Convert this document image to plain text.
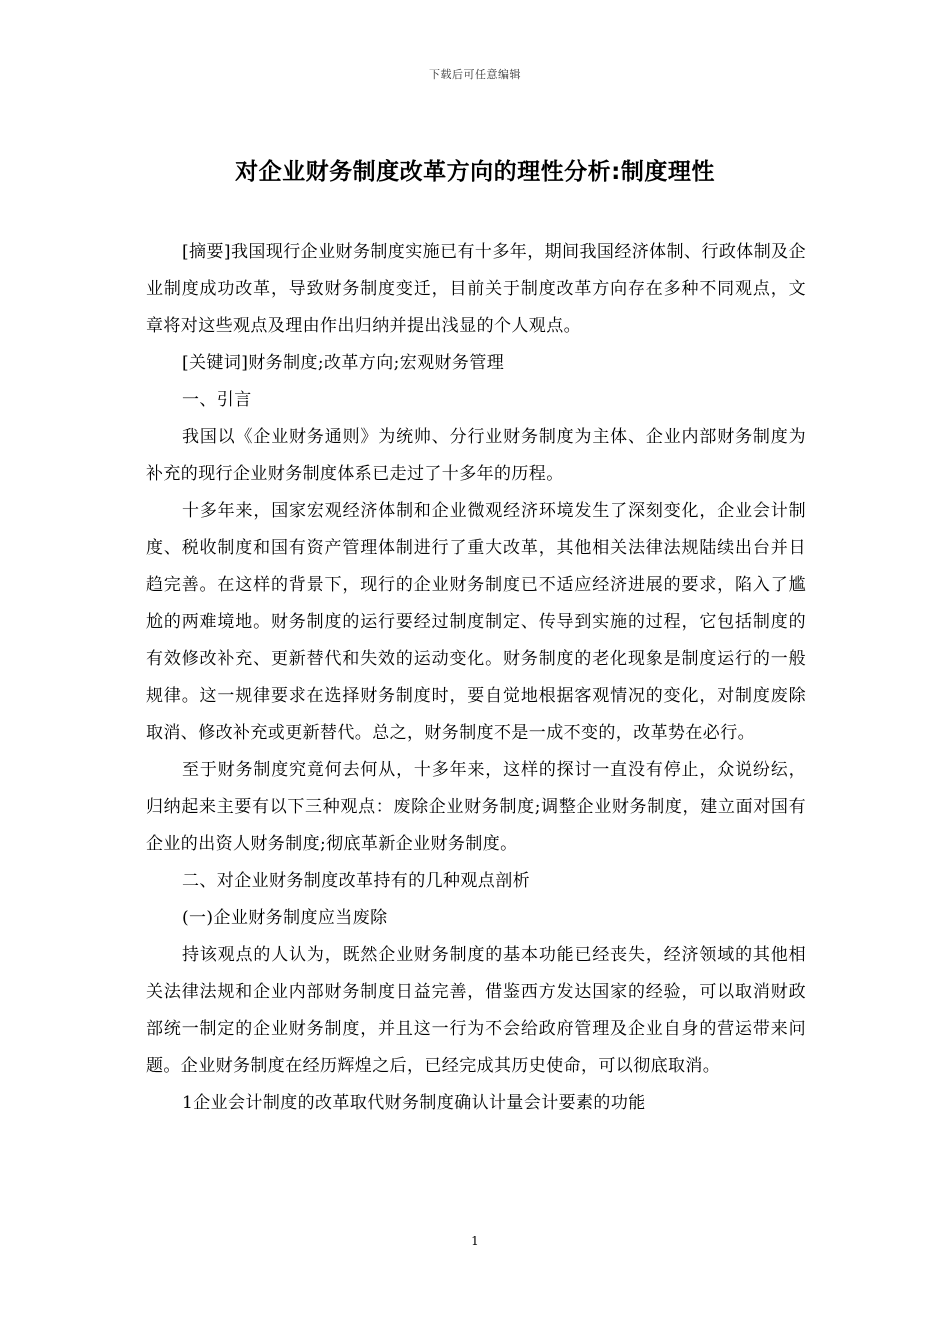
下载后可任意编辑
对企业财务制度改革方向的理性分析:制度理性

[摘要]我国现行企业财务制度实施已有十多年，期间我国经济体制、行政体制及企业制度成功改革，导致财务制度变迁，目前关于制度改革方向存在多种不同观点，文章将对这些观点及理由作出归纳并提出浅显的个人观点。

[关键词]财务制度;改革方向;宏观财务管理

一、引言

我国以《企业财务通则》为统帅、分行业财务制度为主体、企业内部财务制度为补充的现行企业财务制度体系已走过了十多年的历程。

十多年来，国家宏观经济体制和企业微观经济环境发生了深刻变化，企业会计制度、税收制度和国有资产管理体制进行了重大改革，其他相关法律法规陆续出台并日趋完善。在这样的背景下，现行的企业财务制度已不适应经济进展的要求，陷入了尴尬的两难境地。财务制度的运行要经过制度制定、传导到实施的过程，它包括制度的有效修改补充、更新替代和失效的运动变化。财务制度的老化现象是制度运行的一般规律。这一规律要求在选择财务制度时，要自觉地根据客观情况的变化，对制度废除取消、修改补充或更新替代。总之，财务制度不是一成不变的，改革势在必行。

至于财务制度究竟何去何从，十多年来，这样的探讨一直没有停止，众说纷纭，归纳起来主要有以下三种观点：废除企业财务制度;调整企业财务制度，建立面对国有企业的出资人财务制度;彻底革新企业财务制度。

二、对企业财务制度改革持有的几种观点剖析

(一)企业财务制度应当废除

持该观点的人认为，既然企业财务制度的基本功能已经丧失，经济领域的其他相关法律法规和企业内部财务制度日益完善，借鉴西方发达国家的经验，可以取消财政部统一制定的企业财务制度，并且这一行为不会给政府管理及企业自身的营运带来问题。企业财务制度在经历辉煌之后，已经完成其历史使命，可以彻底取消。

1企业会计制度的改革取代财务制度确认计量会计要素的功能

1
